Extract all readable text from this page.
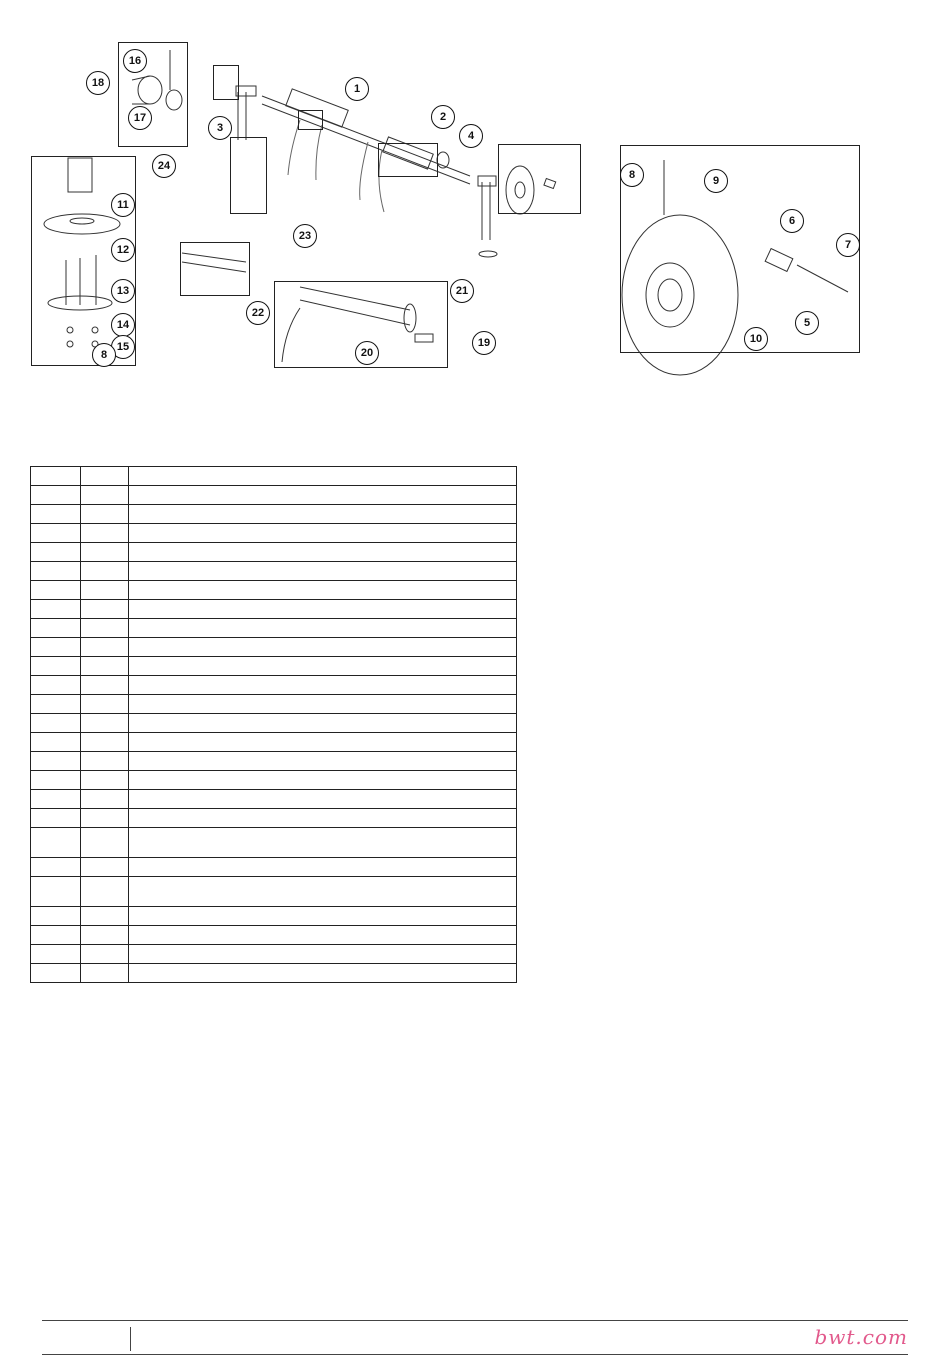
1
2
3
4
5
6
7
8	9
10
11
12
13
14
15
8
16
17
18
19
20
21
22
23
24

bwt.com
